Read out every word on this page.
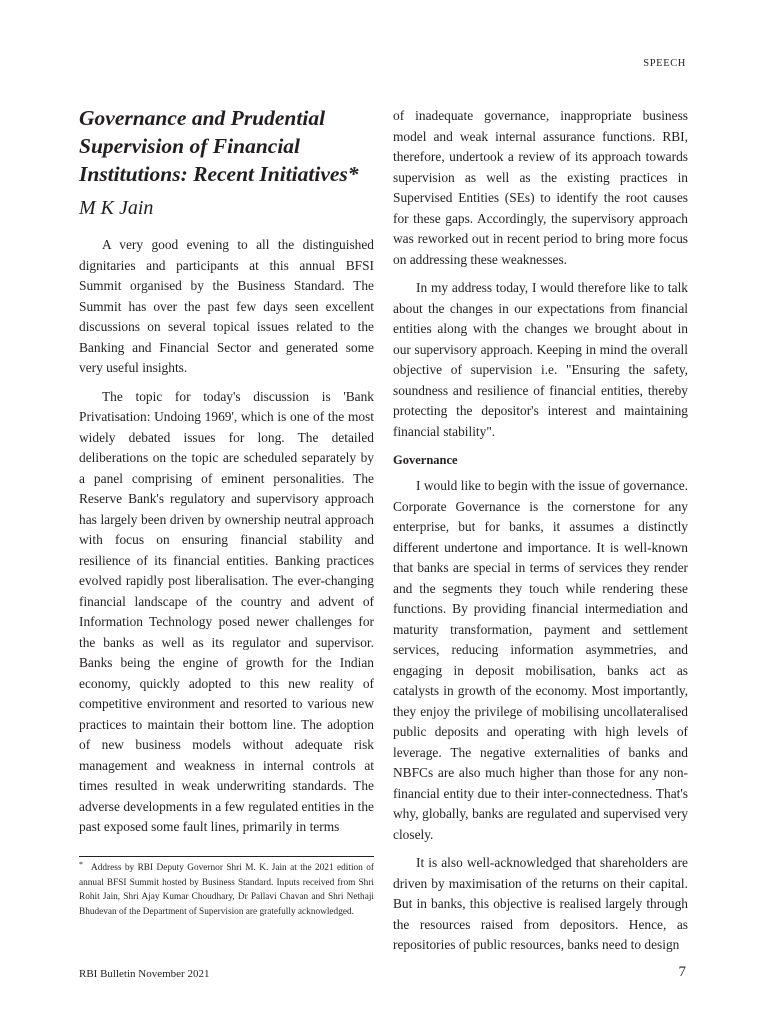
SPEECH
Governance and Prudential Supervision of Financial Institutions: Recent Initiatives*
M K Jain

A very good evening to all the distinguished dignitaries and participants at this annual BFSI Summit organised by the Business Standard. The Summit has over the past few days seen excellent discussions on several topical issues related to the Banking and Financial Sector and generated some very useful insights.

The topic for today's discussion is 'Bank Privatisation: Undoing 1969', which is one of the most widely debated issues for long. The detailed deliberations on the topic are scheduled separately by a panel comprising of eminent personalities. The Reserve Bank's regulatory and supervisory approach has largely been driven by ownership neutral approach with focus on ensuring financial stability and resilience of its financial entities. Banking practices evolved rapidly post liberalisation. The ever-changing financial landscape of the country and advent of Information Technology posed newer challenges for the banks as well as its regulator and supervisor. Banks being the engine of growth for the Indian economy, quickly adopted to this new reality of competitive environment and resorted to various new practices to maintain their bottom line. The adoption of new business models without adequate risk management and weakness in internal controls at times resulted in weak underwriting standards. The adverse developments in a few regulated entities in the past exposed some fault lines, primarily in terms

of inadequate governance, inappropriate business model and weak internal assurance functions. RBI, therefore, undertook a review of its approach towards supervision as well as the existing practices in Supervised Entities (SEs) to identify the root causes for these gaps. Accordingly, the supervisory approach was reworked out in recent period to bring more focus on addressing these weaknesses.

In my address today, I would therefore like to talk about the changes in our expectations from financial entities along with the changes we brought about in our supervisory approach. Keeping in mind the overall objective of supervision i.e. "Ensuring the safety, soundness and resilience of financial entities, thereby protecting the depositor's interest and maintaining financial stability".

Governance

I would like to begin with the issue of governance. Corporate Governance is the cornerstone for any enterprise, but for banks, it assumes a distinctly different undertone and importance. It is well-known that banks are special in terms of services they render and the segments they touch while rendering these functions. By providing financial intermediation and maturity transformation, payment and settlement services, reducing information asymmetries, and engaging in deposit mobilisation, banks act as catalysts in growth of the economy. Most importantly, they enjoy the privilege of mobilising uncollateralised public deposits and operating with high levels of leverage. The negative externalities of banks and NBFCs are also much higher than those for any non-financial entity due to their inter-connectedness. That's why, globally, banks are regulated and supervised very closely.

It is also well-acknowledged that shareholders are driven by maximisation of the returns on their capital. But in banks, this objective is realised largely through the resources raised from depositors. Hence, as repositories of public resources, banks need to design

* Address by RBI Deputy Governor Shri M. K. Jain at the 2021 edition of annual BFSI Summit hosted by Business Standard. Inputs received from Shri Rohit Jain, Shri Ajay Kumar Choudhary, Dr Pallavi Chavan and Shri Nethaji Bhudevan of the Department of Supervision are gratefully acknowledged.
RBI Bulletin November 2021	7
